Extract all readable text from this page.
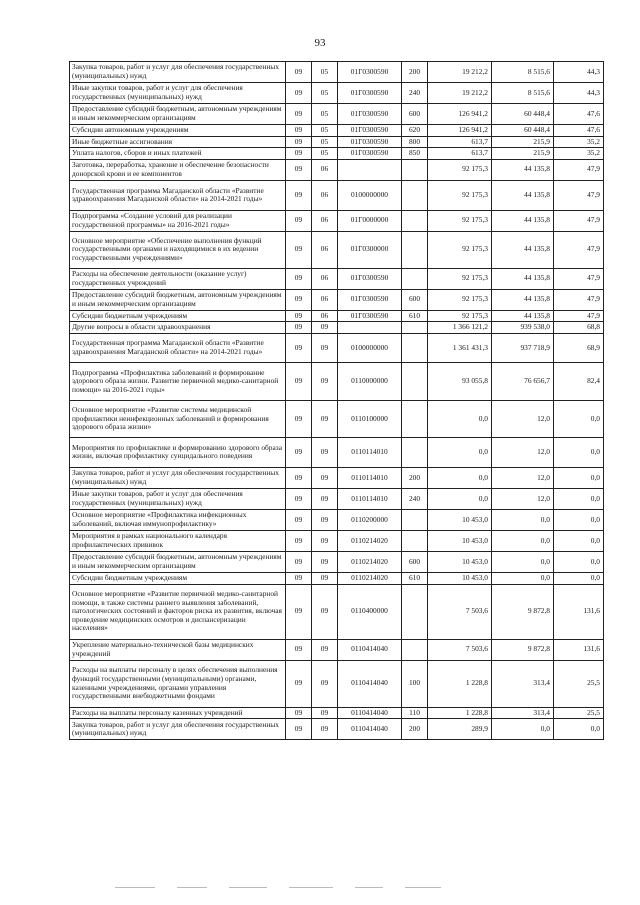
93
Закупка товаров, работ и услуг для обеспечения государственных (муниципальных) нужд	09	05	01Г0300590	200	19 212,2	8 515,6	44,3
Иные закупки товаров, работ и услуг для обеспечения государственных (муниципальных) нужд	09	05	01Г0300590	240	19 212,2	8 515,6	44,3
Предоставление субсидий бюджетным, автономным учреждениям и иным некоммерческим организациям	09	05	01Г0300590	600	126 941,2	60 448,4	47,6
Субсидии автономным учреждениям	09	05	01Г0300590	620	126 941,2	60 448,4	47,6
Иные бюджетные ассигнования	09	05	01Г0300590	800	613,7	215,9	35,2
Уплата налогов, сборов и иных платежей	09	05	01Г0300590	850	613,7	215,9	35,2
Заготовка, переработка, хранение и обеспечение безопасности донорской крови и ее компонентов	09	06			92 175,3	44 135,8	47,9
Государственная программа Магаданской области «Развитие здравоохранения Магаданской области» на 2014-2021 годы»	09	06	0100000000		92 175,3	44 135,8	47,9
Подпрограмма «Создание условий для реализации государственной программы» на 2016-2021 годы»	09	06	01Г0000000		92 175,3	44 135,8	47,9
Основное мероприятие «Обеспечение выполнения функций государственными органами и находящимися в их ведении государственными учреждениями»	09	06	01Г0300000		92 175,3	44 135,8	47,9
Расходы на обеспечение деятельности (оказание услуг) государственных учреждений	09	06	01Г0300590		92 175,3	44 135,8	47,9
Предоставление субсидий бюджетным, автономным учреждениям и иным некоммерческим организациям	09	06	01Г0300590	600	92 175,3	44 135,8	47,9
Субсидии бюджетным учреждениям	09	06	01Г0300590	610	92 175,3	44 135,8	47,9
Другие вопросы в области здравоохранения	09	09			1 366 121,2	939 538,0	68,8
Государственная программа Магаданской области «Развитие здравоохранения Магаданской области» на 2014-2021 годы»	09	09	0100000000		1 361 431,3	937 718,9	68,9
Подпрограмма «Профилактика заболеваний и формирование здорового образа жизни. Развитие первичной медико-санитарной помощи» на 2016-2021 годы»	09	09	0110000000		93 055,8	76 656,7	82,4
Основное мероприятие «Развитие системы медицинской профилактики неинфекционных заболеваний и формирования здорового образа жизни»	09	09	0110100000		0,0	12,0	0,0
Мероприятия по профилактике и формированию здорового образа жизни, включая профилактику суицидального поведения	09	09	0110114010		0,0	12,0	0,0
Закупка товаров, работ и услуг для обеспечения государственных (муниципальных) нужд	09	09	0110114010	200	0,0	12,0	0,0
Иные закупки товаров, работ и услуг для обеспечения государственных (муниципальных) нужд	09	09	0110114010	240	0,0	12,0	0,0
Основное мероприятие «Профилактика инфекционных заболеваний, включая иммунопрофилактику»	09	09	0110200000		10 453,0	0,0	0,0
Мероприятия в рамках национального календаря профилактических прививок	09	09	0110214020		10 453,0	0,0	0,0
Предоставление субсидий бюджетным, автономным учреждениям и иным некоммерческим организациям	09	09	0110214020	600	10 453,0	0,0	0,0
Субсидии бюджетным учреждениям	09	09	0110214020	610	10 453,0	0,0	0,0
Основное мероприятие «Развитие первичной медико-санитарной помощи, в также системы раннего выявления заболеваний, патологических состояний и факторов риска их развития, включая проведение медицинских осмотров и диспансеризации населения»	09	09	0110400000		7 503,6	9 872,8	131,6
Укрепление материально-технической базы медицинских учреждений	09	09	0110414040		7 503,6	9 872,8	131,6
Расходы на выплаты персоналу в целях обеспечения выполнения функций государственными (муниципальными) органами, казенными учреждениями, органами управления государственными внебюджетными фондами	09	09	0110414040	100	1 228,8	313,4	25,5
Расходы на выплаты персоналу казенных учреждений	09	09	0110414040	110	1 228,8	313,4	25,5
Закупка товаров, работ и услуг для обеспечения государственных (муниципальных) нужд	09	09	0110414040	200	289,9	0,0	0,0
